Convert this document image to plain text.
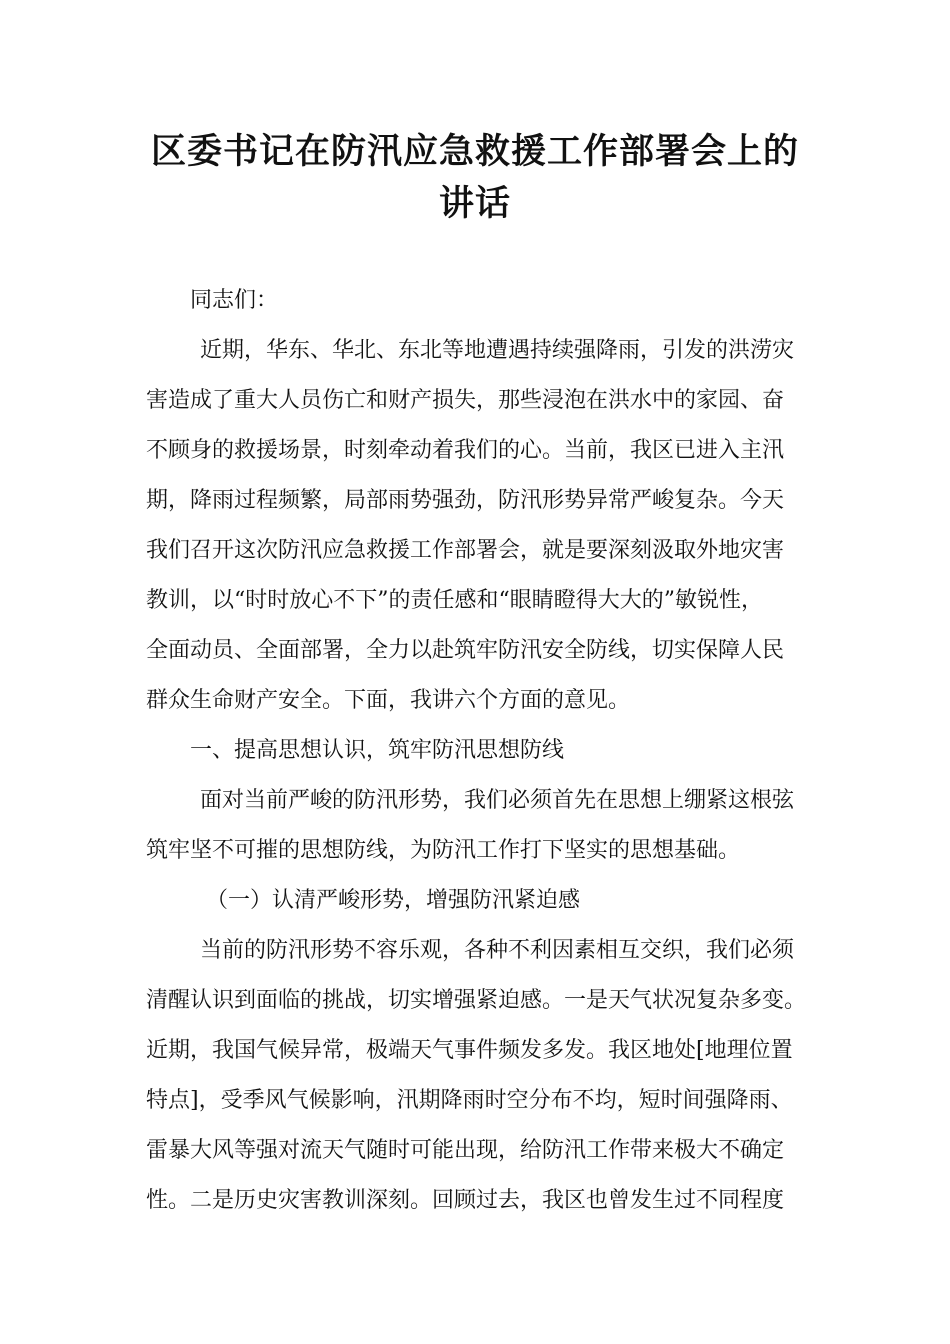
区委书记在防汛应急救援工作部署会上的
讲话
同志们：
近期，华东、华北、东北等地遭遇持续强降雨，引发的洪涝灾
害造成了重大人员伤亡和财产损失，那些浸泡在洪水中的家园、奋
不顾身的救援场景，时刻牵动着我们的心。当前，我区已进入主汛
期，降雨过程频繁，局部雨势强劲，防汛形势异常严峻复杂。今天
我们召开这次防汛应急救援工作部署会，就是要深刻汲取外地灾害
教训，以“时时放心不下”的责任感和“眼睛瞪得大大的”敏锐性，
全面动员、全面部署，全力以赴筑牢防汛安全防线，切实保障人民
群众生命财产安全。下面，我讲六个方面的意见。
一、提高思想认识，筑牢防汛思想防线
面对当前严峻的防汛形势，我们必须首先在思想上绷紧这根弦
筑牢坚不可摧的思想防线，为防汛工作打下坚实的思想基础。
（一）认清严峻形势，增强防汛紧迫感
当前的防汛形势不容乐观，各种不利因素相互交织，我们必须
清醒认识到面临的挑战，切实增强紧迫感。一是天气状况复杂多变。
近期，我国气候异常，极端天气事件频发多发。我区地处[地理位置
特点]，受季风气候影响，汛期降雨时空分布不均，短时间强降雨、
雷暴大风等强对流天气随时可能出现，给防汛工作带来极大不确定
性。二是历史灾害教训深刻。回顾过去，我区也曾发生过不同程度
